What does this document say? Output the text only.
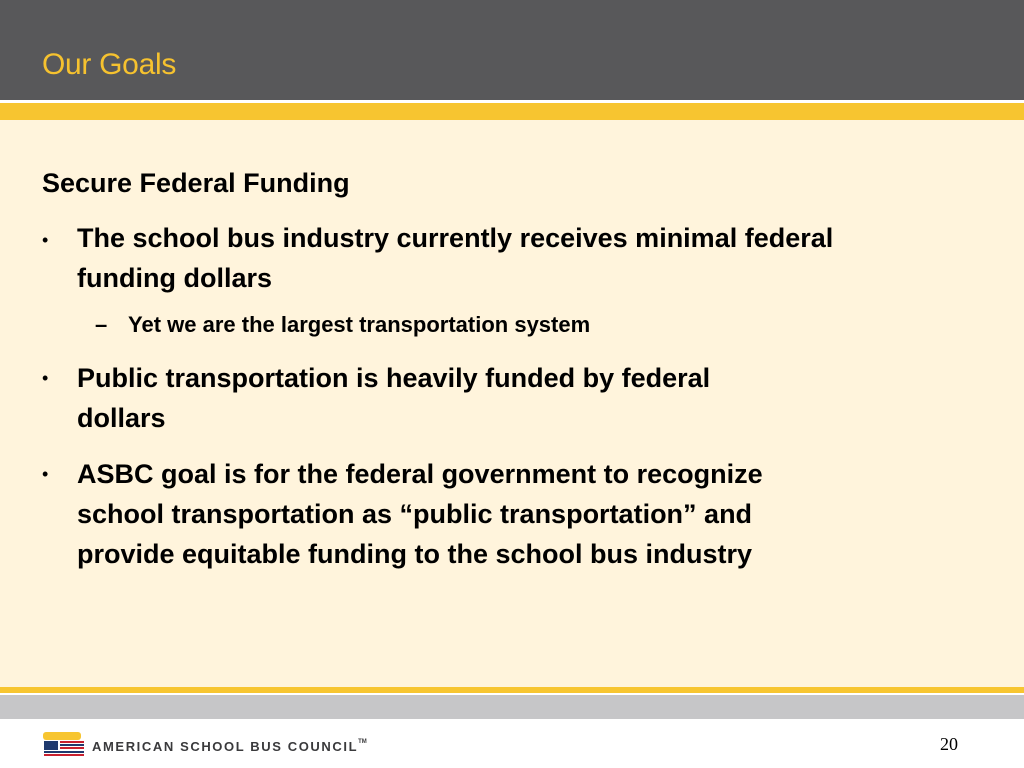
Our Goals
Secure Federal Funding
• The school bus industry currently receives minimal federal funding dollars
– Yet we are the largest transportation system
• Public transportation is heavily funded by federal dollars
• ASBC goal is for the federal government to recognize school transportation as “public transportation” and provide equitable funding to the school bus industry
AMERICAN SCHOOL BUS COUNCIL™	20
